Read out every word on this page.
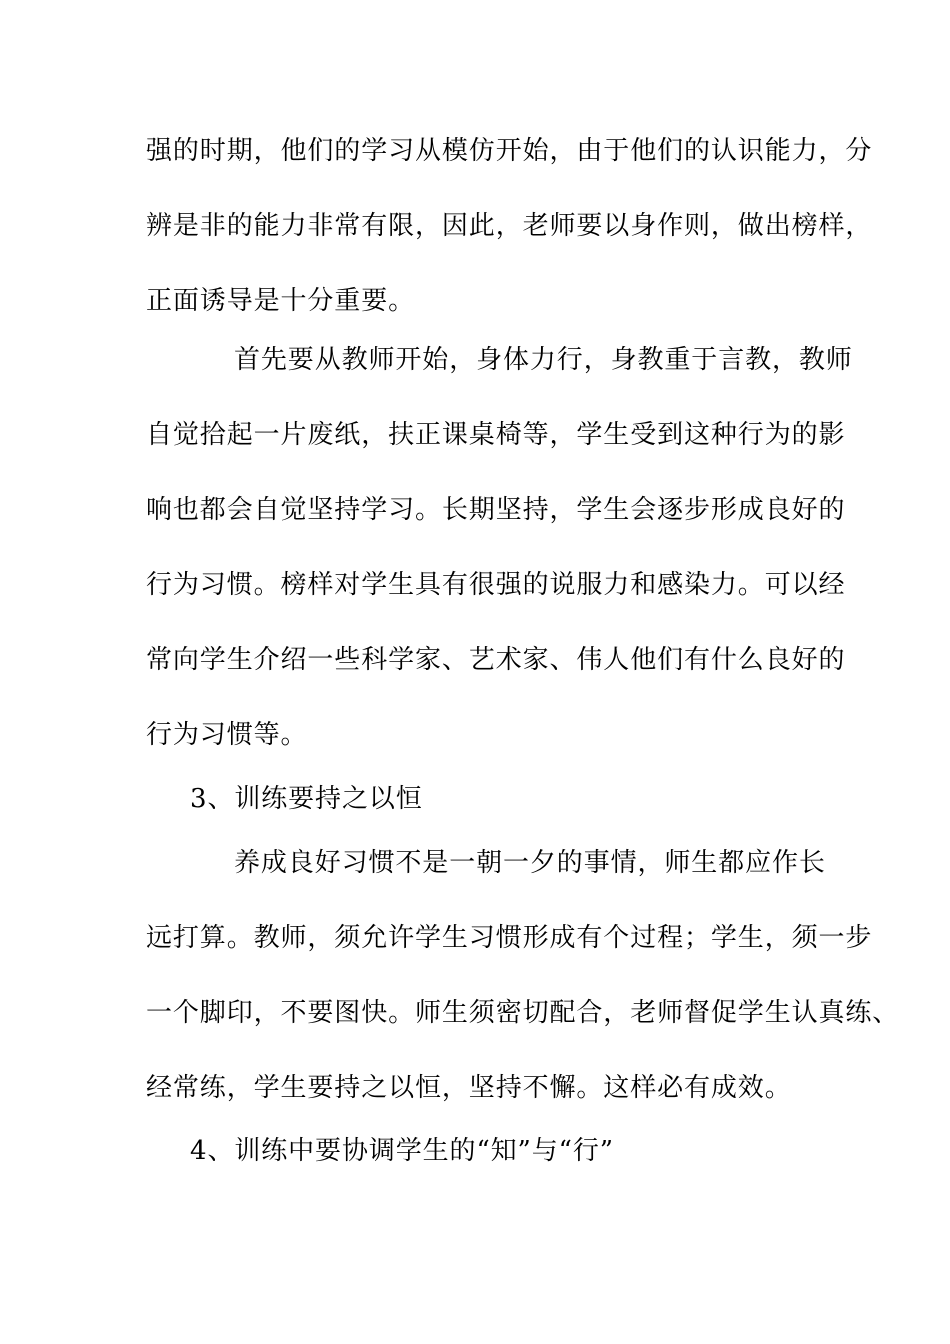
强的时期，他们的学习从模仿开始，由于他们的认识能力，分
辨是非的能力非常有限，因此，老师要以身作则，做出榜样，
正面诱导是十分重要。
首先要从教师开始，身体力行，身教重于言教，教师
自觉拾起一片废纸，扶正课桌椅等，学生受到这种行为的影
响也都会自觉坚持学习。长期坚持，学生会逐步形成良好的
行为习惯。榜样对学生具有很强的说服力和感染力。可以经
常向学生介绍一些科学家、艺术家、伟人他们有什么良好的
行为习惯等。
3、训练要持之以恒
养成良好习惯不是一朝一夕的事情，师生都应作长
远打算。教师，须允许学生习惯形成有个过程；学生，须一步
一个脚印，不要图快。师生须密切配合，老师督促学生认真练、
经常练，学生要持之以恒，坚持不懈。这样必有成效。
4、训练中要协调学生的“知”与“行”
